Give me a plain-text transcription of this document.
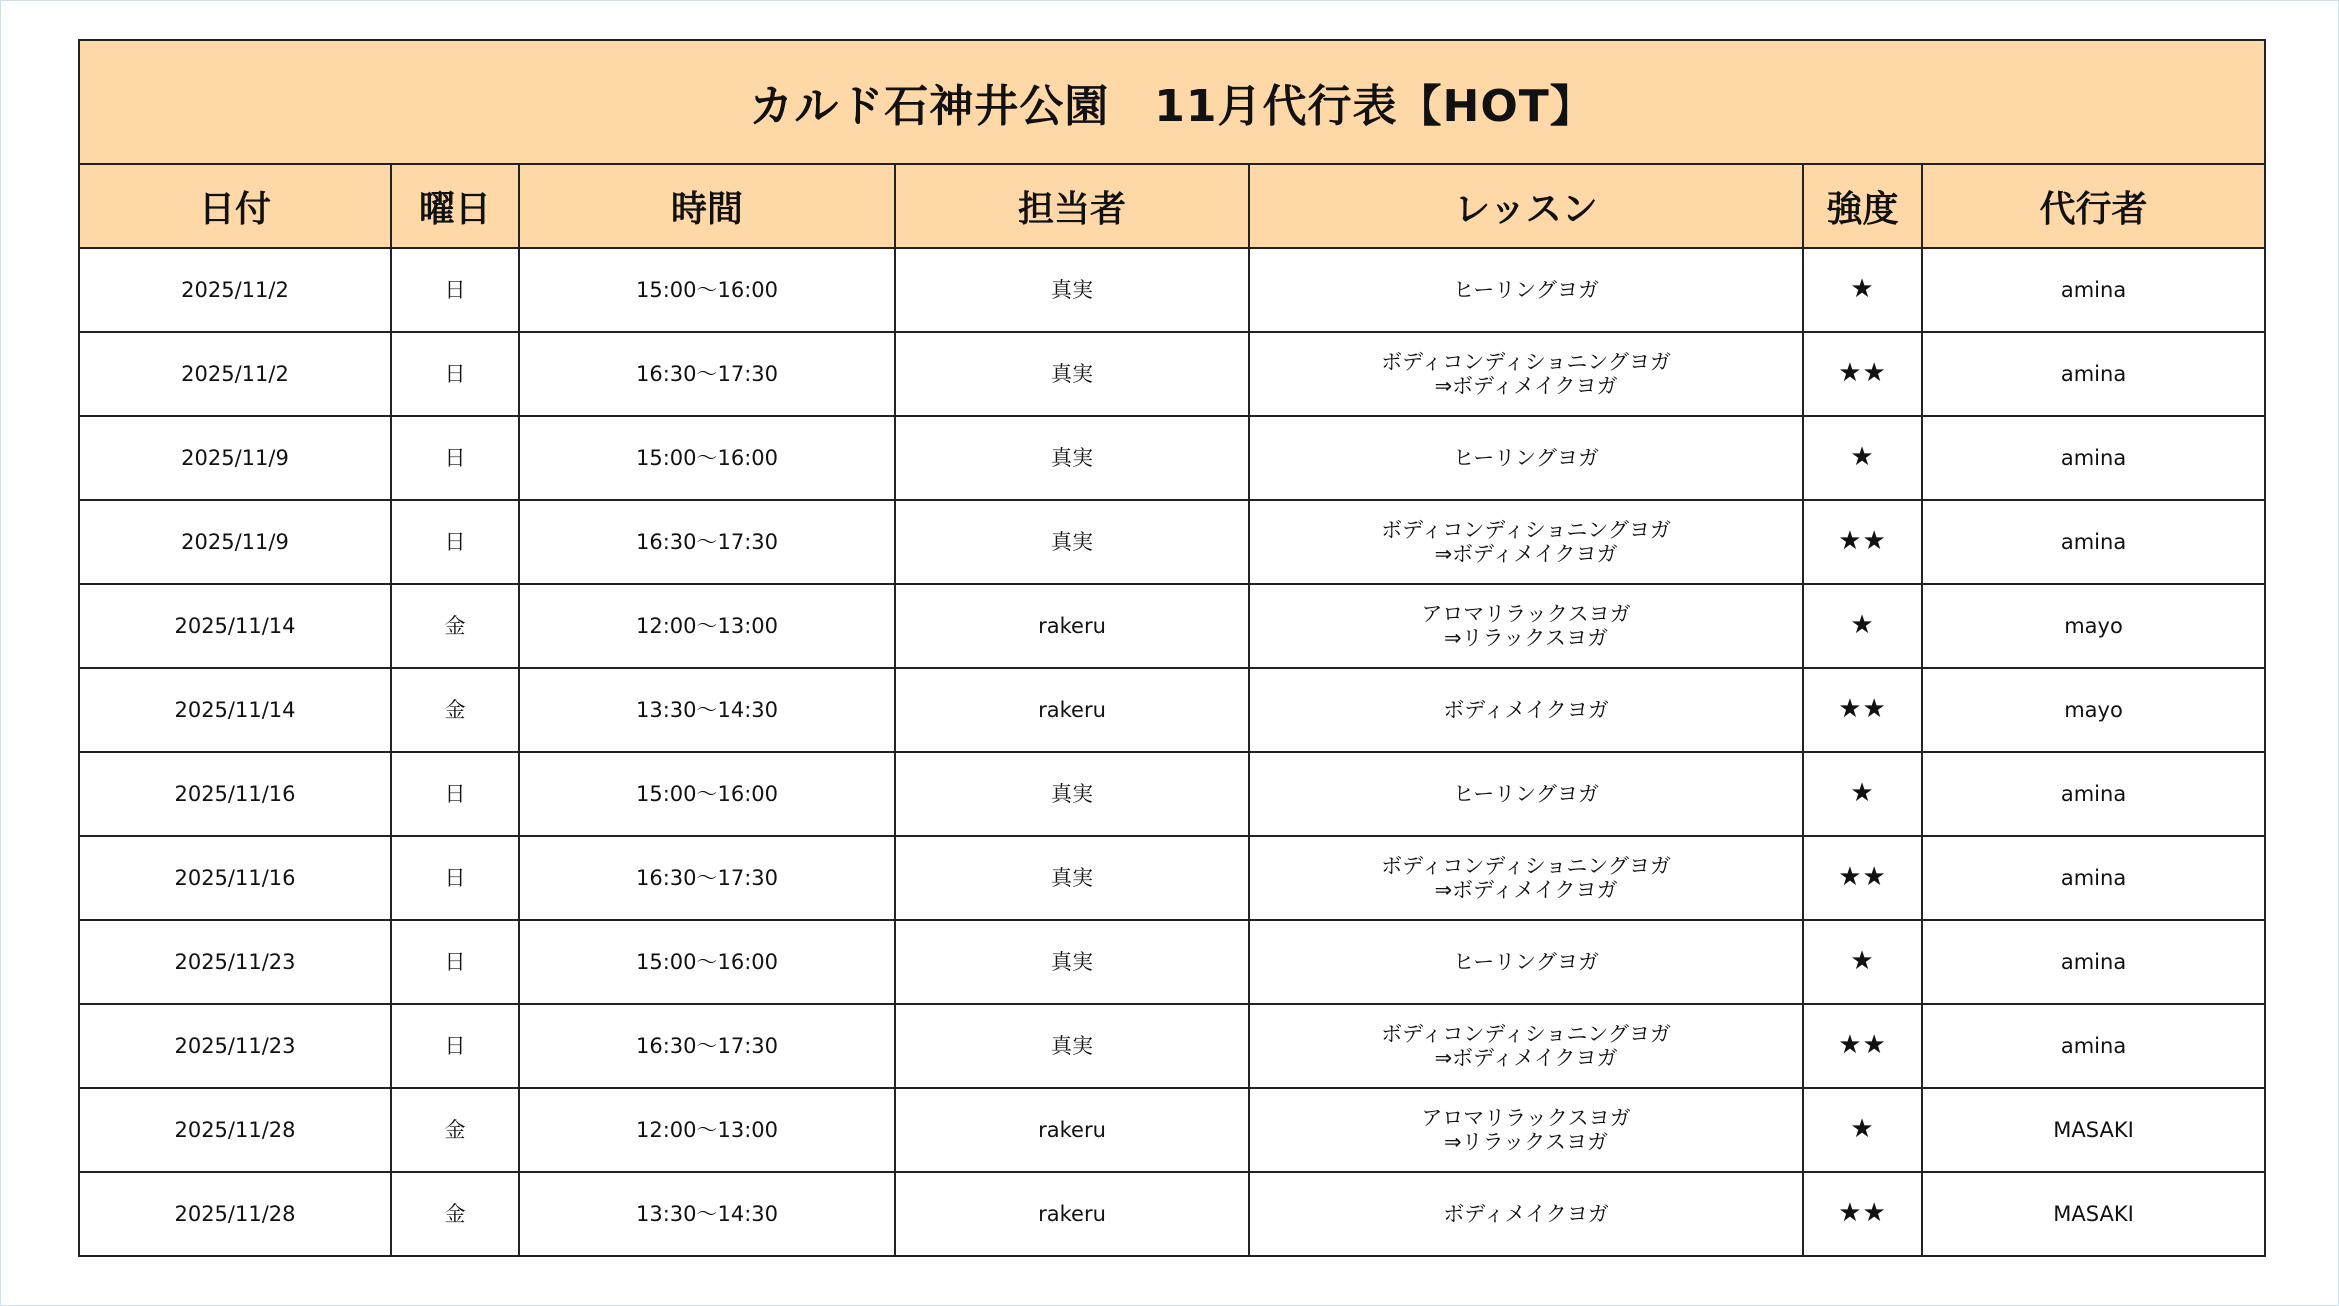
カルド石神井公園　11月代行表【HOT】						
日付	曜日	時間	担当者	レッスン	強度	代行者
2025/11/2	日	15:00〜16:00	真実	ヒーリングヨガ	★	amina
2025/11/2	日	16:30〜17:30	真実	ボディコンディショニングヨガ
⇒ボディメイクヨガ	★★	amina
2025/11/9	日	15:00〜16:00	真実	ヒーリングヨガ	★	amina
2025/11/9	日	16:30〜17:30	真実	ボディコンディショニングヨガ
⇒ボディメイクヨガ	★★	amina
2025/11/14	金	12:00〜13:00	rakeru	アロマリラックスヨガ
⇒リラックスヨガ	★	mayo
2025/11/14	金	13:30〜14:30	rakeru	ボディメイクヨガ	★★	mayo
2025/11/16	日	15:00〜16:00	真実	ヒーリングヨガ	★	amina
2025/11/16	日	16:30〜17:30	真実	ボディコンディショニングヨガ
⇒ボディメイクヨガ	★★	amina
2025/11/23	日	15:00〜16:00	真実	ヒーリングヨガ	★	amina
2025/11/23	日	16:30〜17:30	真実	ボディコンディショニングヨガ
⇒ボディメイクヨガ	★★	amina
2025/11/28	金	12:00〜13:00	rakeru	アロマリラックスヨガ
⇒リラックスヨガ	★	MASAKI
2025/11/28	金	13:30〜14:30	rakeru	ボディメイクヨガ	★★	MASAKI
